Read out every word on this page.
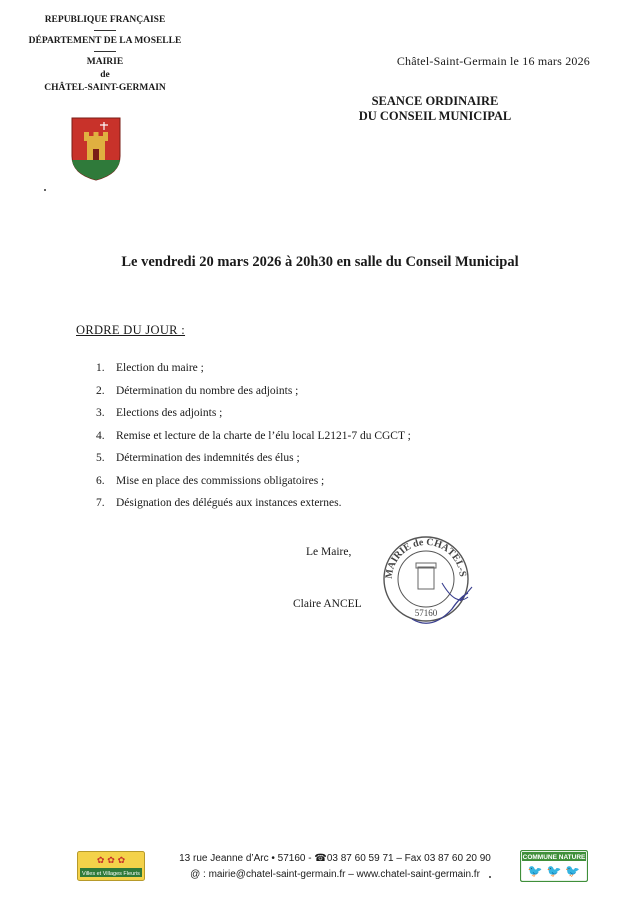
REPUBLIQUE FRANÇAISE
DÉPARTEMENT DE LA MOSELLE
MAIRIE
de
CHÂTEL-SAINT-GERMAIN
Châtel-Saint-Germain le 16 mars 2026
SEANCE ORDINAIRE
DU CONSEIL MUNICIPAL
Le vendredi 20 mars 2026 à 20h30 en salle du Conseil Municipal
ORDRE DU JOUR :
1. Election du maire ;
2. Détermination du nombre des adjoints ;
3. Elections des adjoints ;
4. Remise et lecture de la charte de l’élu local L2121-7 du CGCT ;
5. Détermination des indemnités des élus ;
6. Mise en place des commissions obligatoires ;
7. Désignation des délégués aux instances externes.
Le Maire,
Claire ANCEL
MAIRIE de CHÂTEL-S
57160
✿ ✿ ✿
Villes et Villages Fleuris
13 rue Jeanne d’Arc • 57160 - ☎03 87 60 59 71 – Fax 03 87 60 20 90
@ : mairie@chatel-saint-germain.fr – www.chatel-saint-germain.fr
COMMUNE NATURE
🐦 🐦 🐦
